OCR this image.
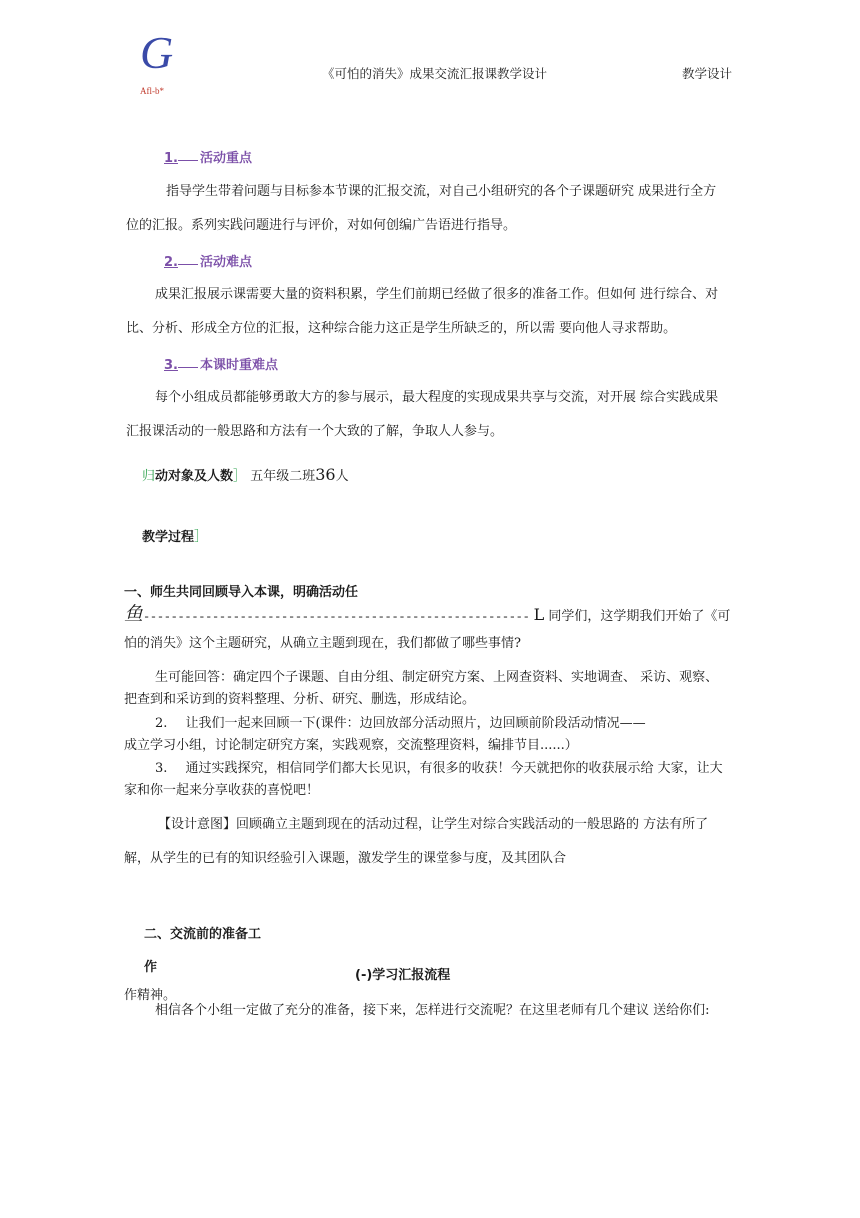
G
Afl-b*
《可怕的消失》成果交流汇报课教学设计	教学设计
1. 活动重点
指导学生带着问题与目标参本节课的汇报交流，对自己小组研究的各个子课题研究 成果进行全方
位的汇报。系列实践问题进行与评价，对如何创编广告语进行指导。
2. 活动难点
成果汇报展示课需要大量的资料积累，学生们前期已经做了很多的准备工作。但如何 进行综合、对
比、分析、形成全方位的汇报，这种综合能力这正是学生所缺乏的，所以需 要向他人寻求帮助。
3. 本课时重难点
每个小组成员都能够勇敢大方的参与展示，最大程度的实现成果共享与交流，对开展 综合实践成果
汇报课活动的一般思路和方法有一个大致的了解，争取人人参与。
归动对象及人数］ 五年级二班36人
教学过程］
一、师生共同回顾导入本课，明确活动任
鱼-------------------------------------------------------- L 同学们，这学期我们开始了《可
怕的消失》这个主题研究，从确立主题到现在，我们都做了哪些事情?
生可能回答：确定四个子课题、自由分组、制定研究方案、上网查资料、实地调查、 采访、观察、
把查到和采访到的资料整理、分析、研究、删选，形成结论。
2. 让我们一起来回顾一下(课件：边回放部分活动照片，边回顾前阶段活动情况——
成立学习小组，讨论制定研究方案，实践观察，交流整理资料，编排节目......）
3. 通过实践探究，相信同学们都大长见识，有很多的收获！今天就把你的收获展示给 大家，让大
家和你一起来分享收获的喜悦吧！
【设计意图】回顾确立主题到现在的活动过程，让学生对综合实践活动的一般思路的 方法有所了
解，从学生的已有的知识经验引入课题，激发学生的课堂参与度，及其团队合
二、交流前的准备工
作
(-)学习汇报流程
作精神。
相信各个小组一定做了充分的准备，接下来，怎样进行交流呢？在这里老师有几个建议 送给你们:
